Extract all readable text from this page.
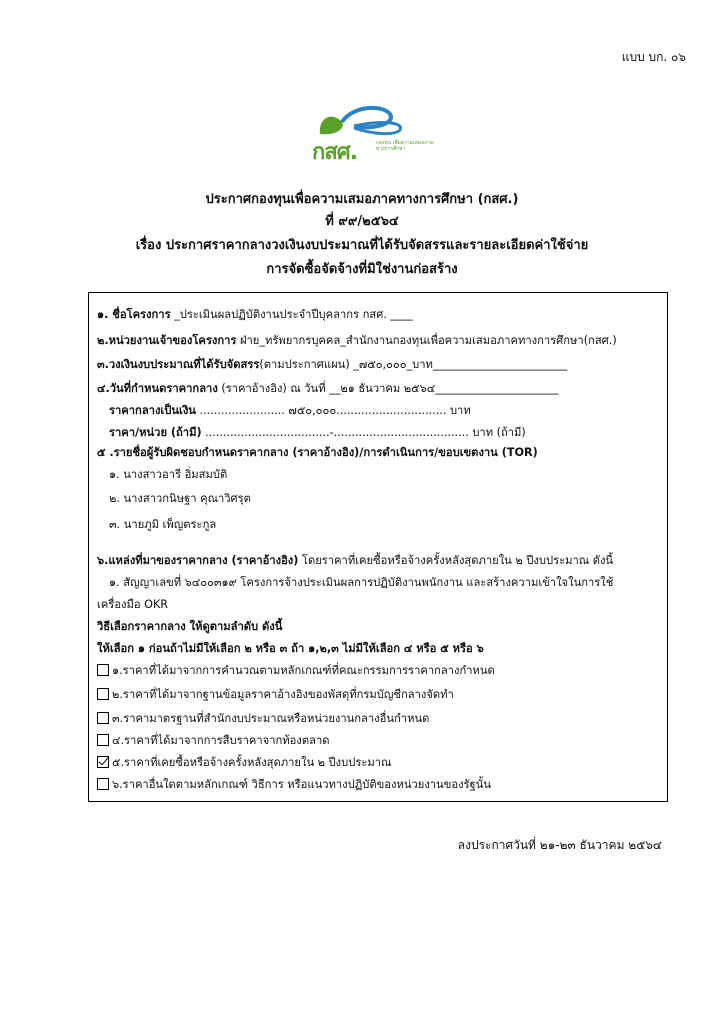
แบบ บก. ๐๖
กสศ.	กองทุน เพื่อความเสมอภาค ทางการศึกษา
ประกาศกองทุนเพื่อความเสมอภาคทางการศึกษา (กสศ.)
ที่ ๙๙/๒๕๖๔
เรื่อง ประกาศราคากลางวงเงินงบประมาณที่ได้รับจัดสรรและรายละเอียดค่าใช้จ่าย
การจัดซื้อจัดจ้างที่มิใช่งานก่อสร้าง
๑. ชื่อโครงการ _ประเมินผลปฏิบัติงานประจำปีบุคลากร กสศ. ____
๒.หน่วยงานเจ้าของโครงการ ฝ่าย_ทรัพยากรบุคคล_สำนักงานกองทุนเพื่อความเสมอภาคทางการศึกษา(กสศ.)
๓.วงเงินงบประมาณที่ได้รับจัดสรร(ตามประกาศแผน) _๗๕๐,๐๐๐_บาท________________________
๔.วันที่กำหนดราคากลาง (ราคาอ้างอิง) ณ วันที่ __๒๑ ธันวาคม ๒๕๖๔______________________
ราคากลางเป็นเงิน ........................ ๗๕๐,๐๐๐............................... บาท
ราคา/หน่วย (ถ้ามี) ...................................-...................................... บาท (ถ้ามี)
๕ .รายชื่อผู้รับผิดชอบกำหนดราคากลาง (ราคาอ้างอิง)/การดำเนินการ/ขอบเขตงาน (TOR)
๑. นางสาวอารี อิ่มสมบัติ
๒. นางสาวกนิษฐา คุณาวิศรุต
๓. นายภูมิ เพ็ญตระกูล
๖.แหล่งที่มาของราคากลาง (ราคาอ้างอิง) โดยราคาที่เคยซื้อหรือจ้างครั้งหลังสุดภายใน ๒ ปีงบประมาณ ดังนี้
๑. สัญญาเลขที่ ๖๔๐๐๓๑๙ โครงการจ้างประเมินผลการปฏิบัติงานพนักงาน และสร้างความเข้าใจในการใช้
เครื่องมือ OKR
วิธีเลือกราคากลาง ให้ดูตามลำดับ ดังนี้
ให้เลือก ๑ ก่อนถ้าไม่มีให้เลือก ๒ หรือ ๓ ถ้า ๑,๒,๓ ไม่มีให้เลือก ๔ หรือ ๕ หรือ ๖
๑.ราคาที่ได้มาจากการคำนวณตามหลักเกณฑ์ที่คณะกรรมการราคากลางกำหนด
๒.ราคาที่ได้มาจากฐานข้อมูลราคาอ้างอิงของพัสดุที่กรมบัญชีกลางจัดทำ
๓.ราคามาตรฐานที่สำนักงบประมาณหรือหน่วยงานกลางอื่นกำหนด
๔.ราคาที่ได้มาจากการสืบราคาจากท้องตลาด
๕.ราคาที่เคยซื้อหรือจ้างครั้งหลังสุดภายใน ๒ ปีงบประมาณ
๖.ราคาอื่นใดตามหลักเกณฑ์ วิธีการ หรือแนวทางปฏิบัติของหน่วยงานของรัฐนั้น
ลงประกาศวันที่ ๒๑-๒๓ ธันวาคม ๒๕๖๔
